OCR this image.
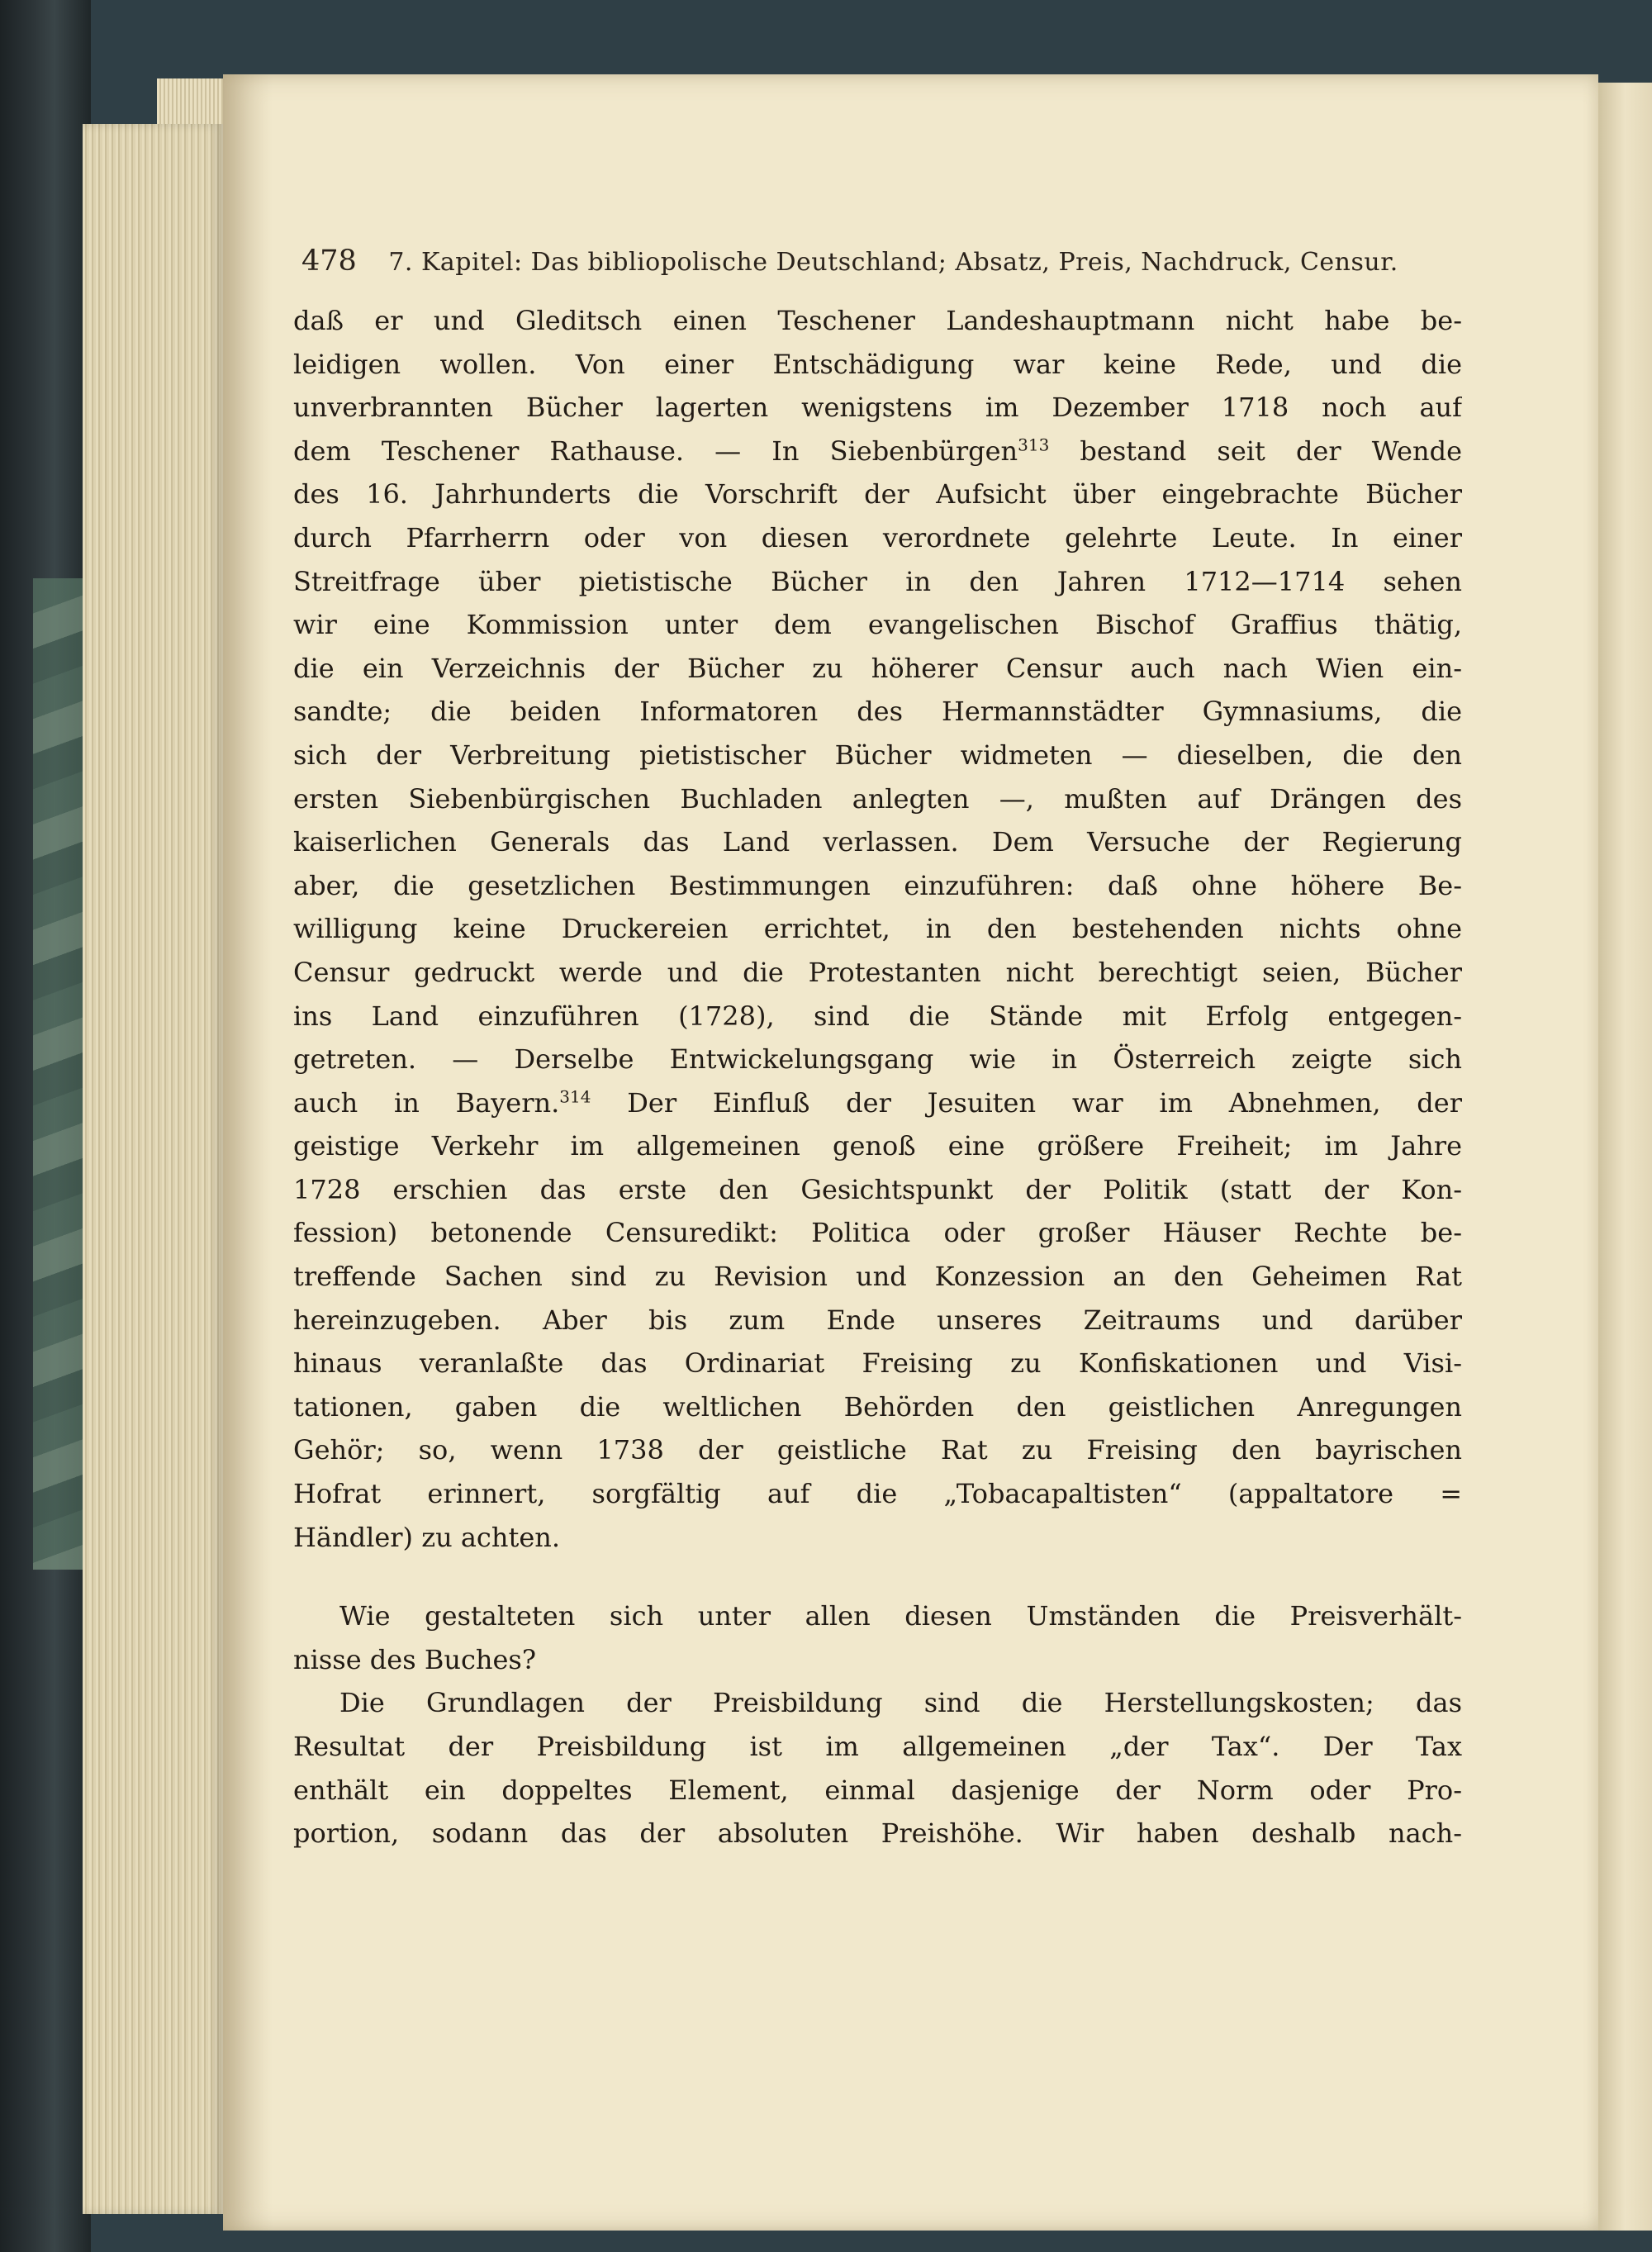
478 7. Kapitel: Das bibliopolische Deutschland; Absatz, Preis, Nachdruck, Censur.
daß er und Gleditsch einen Teschener Landeshauptmann nicht habe be-
leidigen wollen. Von einer Entschädigung war keine Rede, und die
unverbrannten Bücher lagerten wenigstens im Dezember 1718 noch auf
dem Teschener Rathause. — In Siebenbürgen$^{313}$ bestand seit der Wende
des 16. Jahrhunderts die Vorschrift der Aufsicht über eingebrachte Bücher
durch Pfarrherrn oder von diesen verordnete gelehrte Leute. In einer
Streitfrage über pietistische Bücher in den Jahren 1712—1714 sehen
wir eine Kommission unter dem evangelischen Bischof Graffius thätig,
die ein Verzeichnis der Bücher zu höherer Censur auch nach Wien ein-
sandte; die beiden Informatoren des Hermannstädter Gymnasiums, die
sich der Verbreitung pietistischer Bücher widmeten — dieselben, die den
ersten Siebenbürgischen Buchladen anlegten —, mußten auf Drängen des
kaiserlichen Generals das Land verlassen. Dem Versuche der Regierung
aber, die gesetzlichen Bestimmungen einzuführen: daß ohne höhere Be-
willigung keine Druckereien errichtet, in den bestehenden nichts ohne
Censur gedruckt werde und die Protestanten nicht berechtigt seien, Bücher
ins Land einzuführen (1728), sind die Stände mit Erfolg entgegen-
getreten. — Derselbe Entwickelungsgang wie in Österreich zeigte sich
auch in Bayern.$^{314}$ Der Einfluß der Jesuiten war im Abnehmen, der
geistige Verkehr im allgemeinen genoß eine größere Freiheit; im Jahre
1728 erschien das erste den Gesichtspunkt der Politik (statt der Kon-
fession) betonende Censuredikt: Politica oder großer Häuser Rechte be-
treffende Sachen sind zu Revision und Konzession an den Geheimen Rat
hereinzugeben. Aber bis zum Ende unseres Zeitraums und darüber
hinaus veranlaßte das Ordinariat Freising zu Konfiskationen und Visi-
tationen, gaben die weltlichen Behörden den geistlichen Anregungen
Gehör; so, wenn 1738 der geistliche Rat zu Freising den bayrischen
Hofrat erinnert, sorgfältig auf die „Tobacapaltisten“ (appaltatore =
Händler) zu achten.
Wie gestalteten sich unter allen diesen Umständen die Preisverhält-
nisse des Buches?
Die Grundlagen der Preisbildung sind die Herstellungskosten; das
Resultat der Preisbildung ist im allgemeinen „der Tax“. Der Tax
enthält ein doppeltes Element, einmal dasjenige der Norm oder Pro-
portion, sodann das der absoluten Preishöhe. Wir haben deshalb nach-
